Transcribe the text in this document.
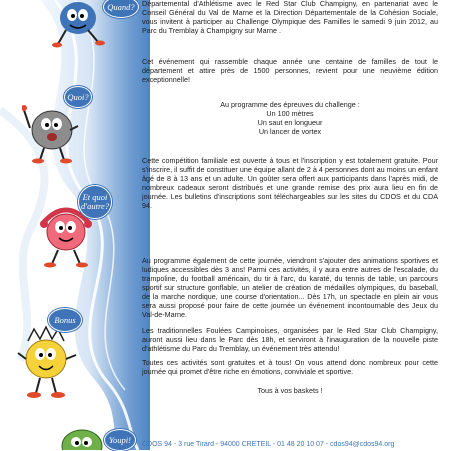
Quand?
Quoi?
Et quoi d'autre?
Bonus
Youpi!

Départemental d'Athlétisme avec le Red Star Club Champigny, en partenariat avec le Conseil Général du Val de Marne et la Direction Départementale de la Cohésion Sociale, vous invitent à participer au Challenge Olympique des Familles le samedi 9 juin 2012, au Parc du Tremblay à Champigny sur Marne .

Cet événement qui rassemble chaque année une centaine de familles de tout le département et attire près de 1500 personnes, revient pour une neuvième édition exceptionnelle!

Au programme des épreuves du challenge :

Un 100 mètres

Un saut en longueur

Un lancer de vortex

Cette compétition familiale est ouverte à tous et l'inscription y est totalement gratuite. Pour s'inscrire, il suffit de constituer une équipe allant de 2 à 4 personnes dont au moins un enfant âgé de 8 à 13 ans et un adulte. Un goûter sera offert aux participants dans l'après midi, de nombreux cadeaux seront distribués et une grande remise des prix aura lieu en fin de journée. Les bulletins d'inscriptions sont téléchargeables sur les sites du CDOS et du CDA 94.

Au programme également de cette journée, viendront s'ajouter des animations sportives et ludiques accessibles dès 3 ans! Parmi ces activités, il y aura entre autres de l'escalade, du trampoline, du football américain, du tir à l'arc, du karaté, du tennis de table, un parcours sportif sur structure gonflable, un atelier de création de médailles olympiques, du baseball, de la marche nordique, une course d'orientation... Dès 17h, un spectacle en plein air vous sera aussi proposé pour faire de cette journée un événement incontournable des Jeux du Val-de-Marne.

Les traditionnelles Foulées Campinoises, organisées par le Red Star Club Champigny, auront aussi lieu dans le Parc dès 18h, et serviront à l'inauguration de la nouvelle piste d'athlétisme du Parc du Tremblay, un événement très attendu!

Toutes ces activités sont gratuites et à tous! On vous attend donc nombreux pour cette journée qui promet d'être riche en émotions, conviviale et sportive.

Tous à vos baskets !

CDOS 94 - 3 rue Tirard - 94000 CRETEIL - 01 48 20 10 07 - cdos94@cdos94.org
